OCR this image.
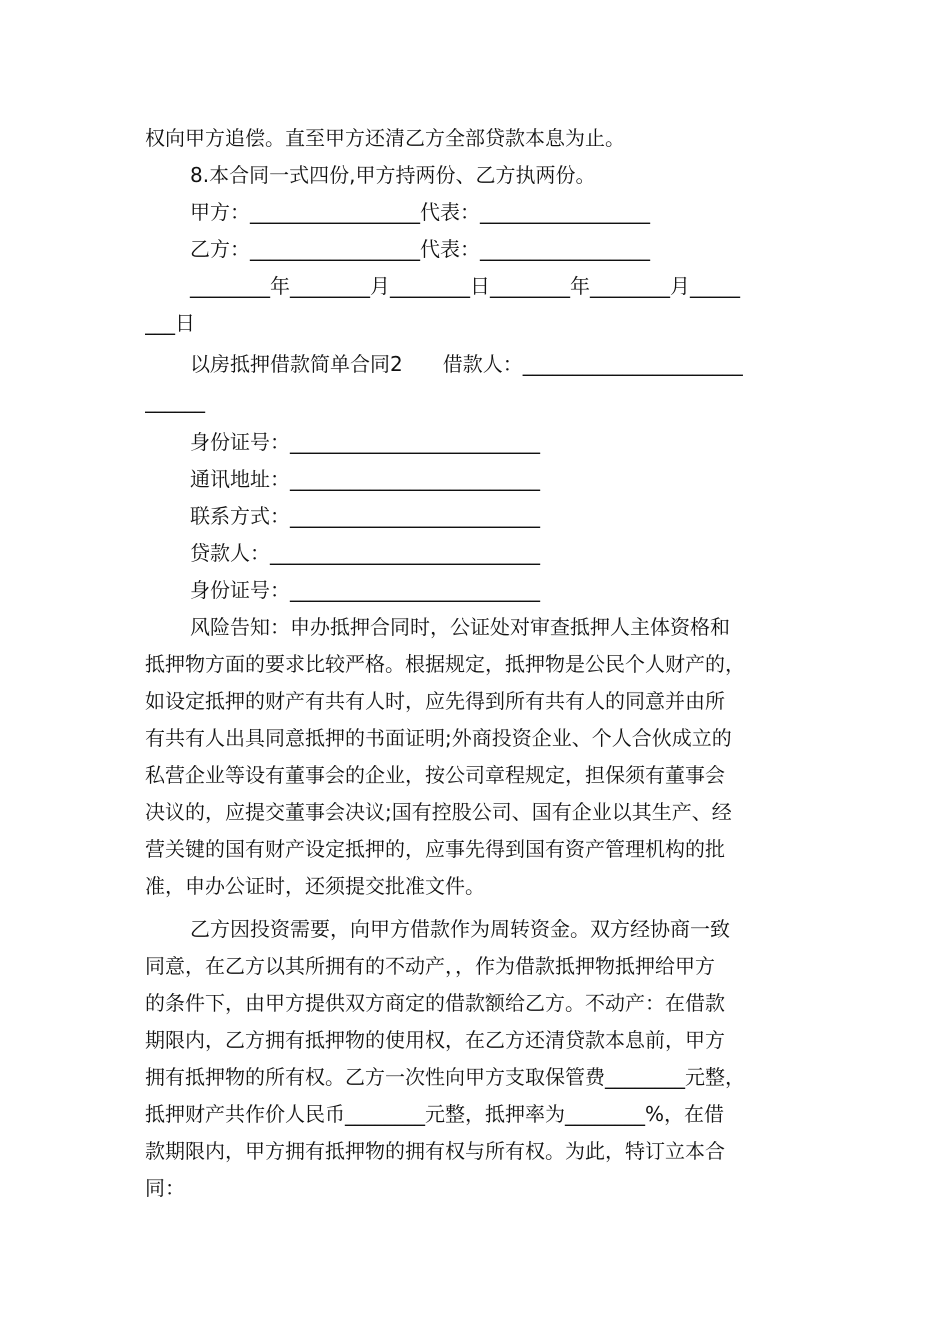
权向甲方追偿。直至甲方还清乙方全部贷款本息为止。
8.本合同一式四份,甲方持两份、乙方执两份。
甲方：_________________代表：_________________
乙方：_________________代表：_________________
________年________月________日________年________月_____
___日
以房抵押借款简单合同2　　借款人：______________________
______
身份证号：_________________________
通讯地址：_________________________
联系方式：_________________________
贷款人：___________________________
身份证号：_________________________
风险告知：申办抵押合同时，公证处对审查抵押人主体资格和
抵押物方面的要求比较严格。根据规定，抵押物是公民个人财产的，
如设定抵押的财产有共有人时，应先得到所有共有人的同意并由所
有共有人出具同意抵押的书面证明;外商投资企业、个人合伙成立的
私营企业等设有董事会的企业，按公司章程规定，担保须有董事会
决议的，应提交董事会决议;国有控股公司、国有企业以其生产、经
营关键的国有财产设定抵押的，应事先得到国有资产管理机构的批
准，申办公证时，还须提交批准文件。
乙方因投资需要，向甲方借款作为周转资金。双方经协商一致
同意，在乙方以其所拥有的不动产，，作为借款抵押物抵押给甲方
的条件下，由甲方提供双方商定的借款额给乙方。不动产：在借款
期限内，乙方拥有抵押物的使用权，在乙方还清贷款本息前，甲方
拥有抵押物的所有权。乙方一次性向甲方支取保管费________元整，
抵押财产共作价人民币________元整，抵押率为________%，在借
款期限内，甲方拥有抵押物的拥有权与所有权。为此，特订立本合
同：
